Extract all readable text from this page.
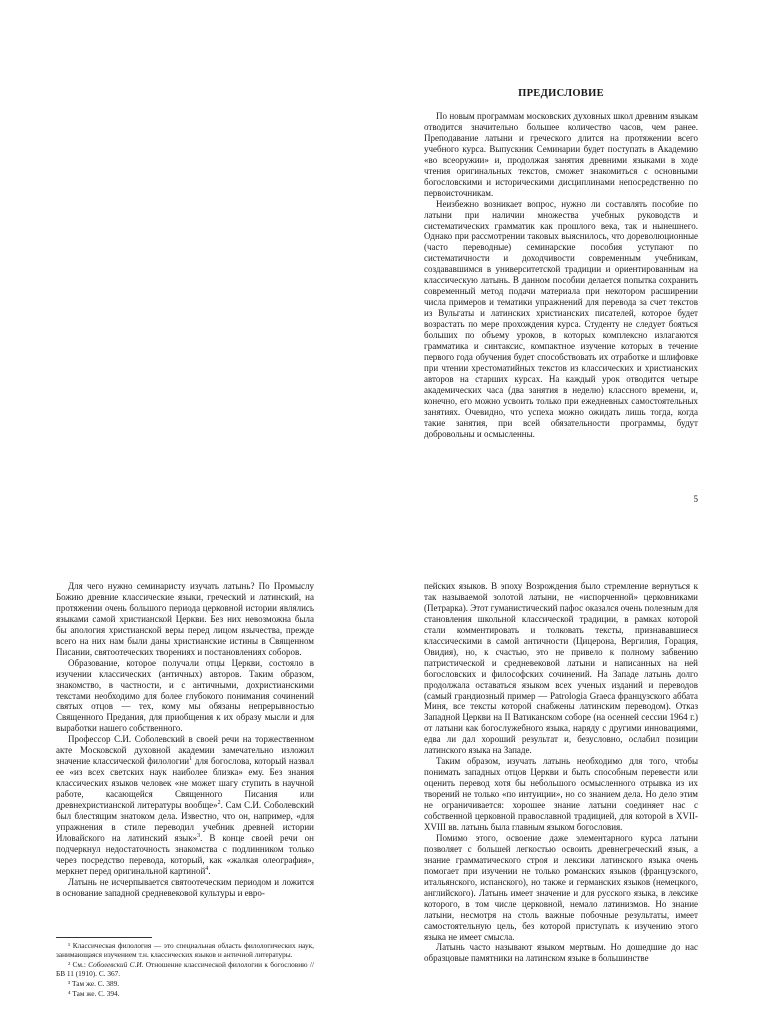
ПРЕДИСЛОВИЕ

По новым программам московских духовных школ древним языкам отводится значительно большее количество часов, чем ранее. Преподавание латыни и греческого длится на протяжении всего учебного курса. Выпускник Семинарии будет поступать в Академию «во всеоружии» и, продолжая занятия древними языками в ходе чтения оригинальных текстов, сможет знакомиться с основными богословскими и историческими дисциплинами непосредственно по первоисточникам.

Неизбежно возникает вопрос, нужно ли составлять пособие по латыни при наличии множества учебных руководств и систематических грамматик как прошлого века, так и нынешнего. Однако при рассмотрении таковых выяснилось, что дореволюционные (часто переводные) семинарские пособия уступают по систематичности и доходчивости современным учебникам, создававшимся в университетской традиции и ориентированным на классическую латынь. В данном пособии делается попытка сохранить современный метод подачи материала при некотором расширении числа примеров и тематики упражнений для перевода за счет текстов из Вульгаты и латинских христианских писателей, которое будет возрастать по мере прохождения курса. Студенту не следует бояться больших по объему уроков, в которых комплексно излагаются грамматика и синтаксис, компактное изучение которых в течение первого года обучения будет способствовать их отработке и шлифовке при чтении хрестоматийных текстов из классических и христианских авторов на старших курсах. На каждый урок отводится четыре академических часа (два занятия в неделю) классного времени, и, конечно, его можно усвоить только при ежедневных самостоятельных занятиях. Очевидно, что успеха можно ожидать лишь тогда, когда такие занятия, при всей обязательности программы, будут добровольны и осмысленны.

5

Для чего нужно семинаристу изучать латынь? По Промыслу Божию древние классические языки, греческий и латинский, на протяжении очень большого периода церковной истории являлись языками самой христианской Церкви. Без них невозможна была бы апология христианской веры перед лицом язычества, прежде всего на них нам были даны христианские истины в Священном Писании, святоотеческих творениях и постановлениях соборов.

Образование, которое получали отцы Церкви, состояло в изучении классических (античных) авторов. Таким образом, знакомство, в частности, и с античными, дохристианскими текстами необходимо для более глубокого понимания сочинений святых отцов — тех, кому мы обязаны непрерывностью Священного Предания, для приобщения к их образу мысли и для выработки нашего собственного.

Профессор С.И. Соболевский в своей речи на торжественном акте Московской духовной академии замечательно изложил значение классической филологии$^1$ для богослова, который назвал ее «из всех светских наук наиболее близка» ему. Без знания классических языков человек «не может шагу ступить в научной работе, касающейся Священного Писания или древнехристианской литературы вообще»$^2$. Сам С.И. Соболевский был блестящим знатоком дела. Известно, что он, например, «для упражнения в стиле переводил учебник древней истории Иловайского на латинский язык»$^3$. В конце своей речи он подчеркнул недостаточность знакомства с подлинником только через посредство перевода, который, как «жалкая олеография», меркнет перед оригинальной картиной$^4$.

Латынь не исчерпывается святоотеческим периодом и ложится в основание западной средневековой культуры и евро-

¹ Классическая филология — это специальная область филологических наук, занимающаяся изучением т.н. классических языков и античной литературы.

² См.: Соболевский С.И. Отношение классической филологии к богословию // БВ 11 (1910). С. 367.

³ Там же. С. 389.

⁴ Там же. С. 394.

пейских языков. В эпоху Возрождения было стремление вернуться к так называемой золотой латыни, не «испорченной» церковниками (Петрарка). Этот гуманистический пафос оказался очень полезным для становления школьной классической традиции, в рамках которой стали комментировать и толковать тексты, признававшиеся классическими в самой античности (Цицерона, Вергилия, Горация, Овидия), но, к счастью, это не привело к полному забвению патристической и средневековой латыни и написанных на ней богословских и философских сочинений. На Западе латынь долго продолжала оставаться языком всех ученых изданий и переводов (самый грандиозный пример — Patrologia Graeca французского аббата Миня, все тексты которой снабжены латинским переводом). Отказ Западной Церкви на II Ватиканском соборе (на осенней сессии 1964 г.) от латыни как богослужебного языка, наряду с другими инновациями, едва ли дал хороший результат и, безусловно, ослабил позиции латинского языка на Западе.

Таким образом, изучать латынь необходимо для того, чтобы понимать западных отцов Церкви и быть способным перевести или оценить перевод хотя бы небольшого осмысленного отрывка из их творений не только «по интуиции», но со знанием дела. Но дело этим не ограничивается: хорошее знание латыни соединяет нас с собственной церковной православной традицией, для которой в XVII-XVIII вв. латынь была главным языком богословия.

Помимо этого, освоение даже элементарного курса латыни позволяет с большей легкостью освоить древнегреческий язык, а знание грамматического строя и лексики латинского языка очень помогает при изучении не только романских языков (французского, итальянского, испанского), но также и германских языков (немецкого, английского). Латынь имеет значение и для русского языка, в лексике которого, в том числе церковной, немало латинизмов. Но знание латыни, несмотря на столь важные побочные результаты, имеет самостоятельную цель, без которой приступать к изучению этого языка не имеет смысла.

Латынь часто называют языком мертвым. Но дошедшие до нас образцовые памятники на латинском языке в большинстве
